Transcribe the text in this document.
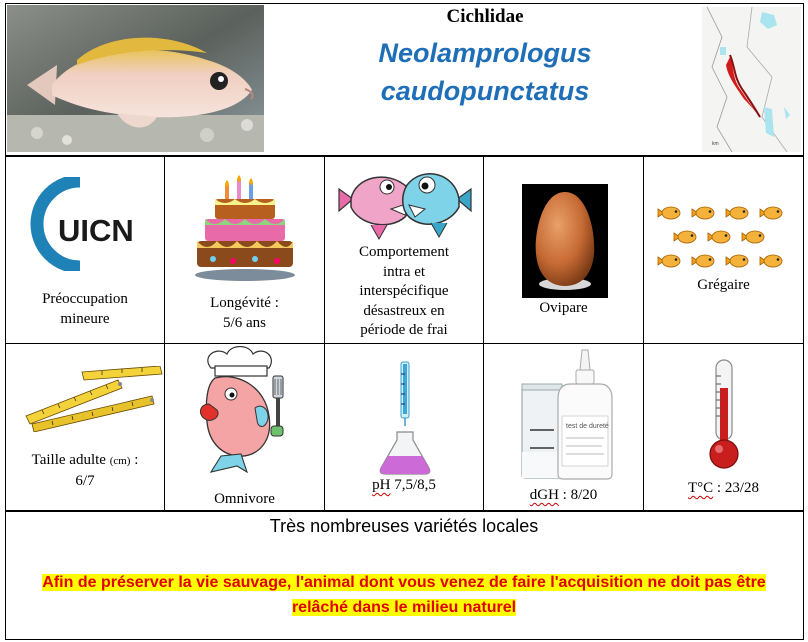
Cichlidae
Neolamprologus
caudopunctatus
km
UICN
Préoccupation
mineure
Longévité :
5/6 ans
Comportement
intra et
interspécifique
désastreux en
période de frai
Ovipare
Grégaire
Taille adulte (cm) :
6/7
Omnivore
pH 7,5/8,5
test de dureté
dGH : 8/20	T°C : 23/28
Très nombreuses variétés locales
Afin de préserver la vie sauvage, l'animal dont vous venez de faire l'acquisition ne doit pas être
relâché dans le milieu naturel
